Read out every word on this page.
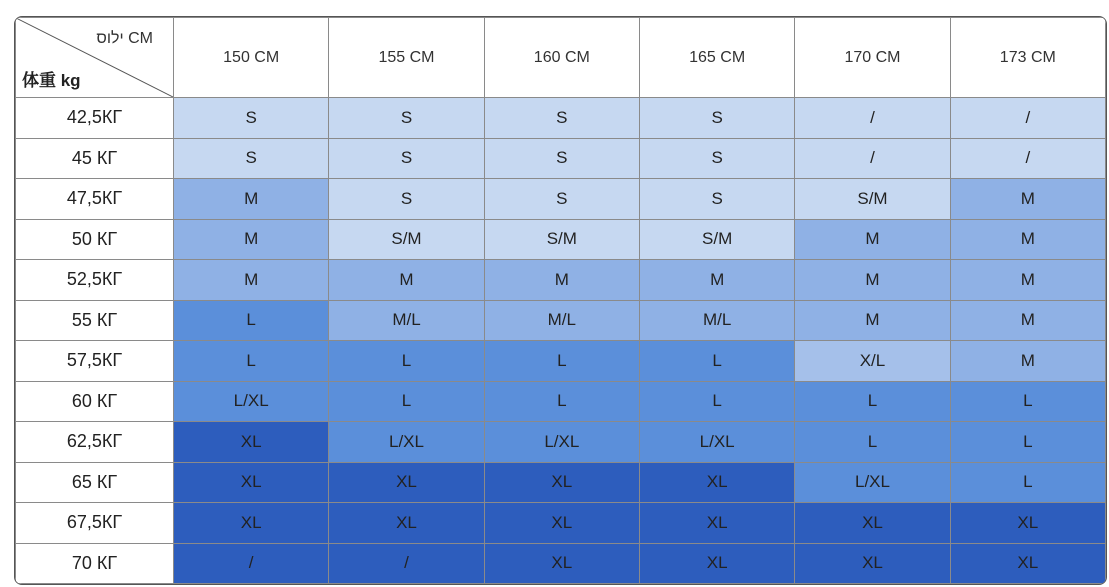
ילוס CM
体重 kg	150 CM	155 CM	160 CM	165 CM	170 CM	173 CM
42,5КГ	S	S	S	S	/	/
45 КГ	S	S	S	S	/	/
47,5КГ	M	S	S	S	S/M	M
50 КГ	M	S/M	S/M	S/M	M	M
52,5КГ	M	M	M	M	M	M
55 КГ	L	M/L	M/L	M/L	M	M
57,5КГ	L	L	L	L	X/L	M
60 КГ	L/XL	L	L	L	L	L
62,5КГ	XL	L/XL	L/XL	L/XL	L	L
65 КГ	XL	XL	XL	XL	L/XL	L
67,5КГ	XL	XL	XL	XL	XL	XL
70 КГ	/	/	XL	XL	XL	XL
